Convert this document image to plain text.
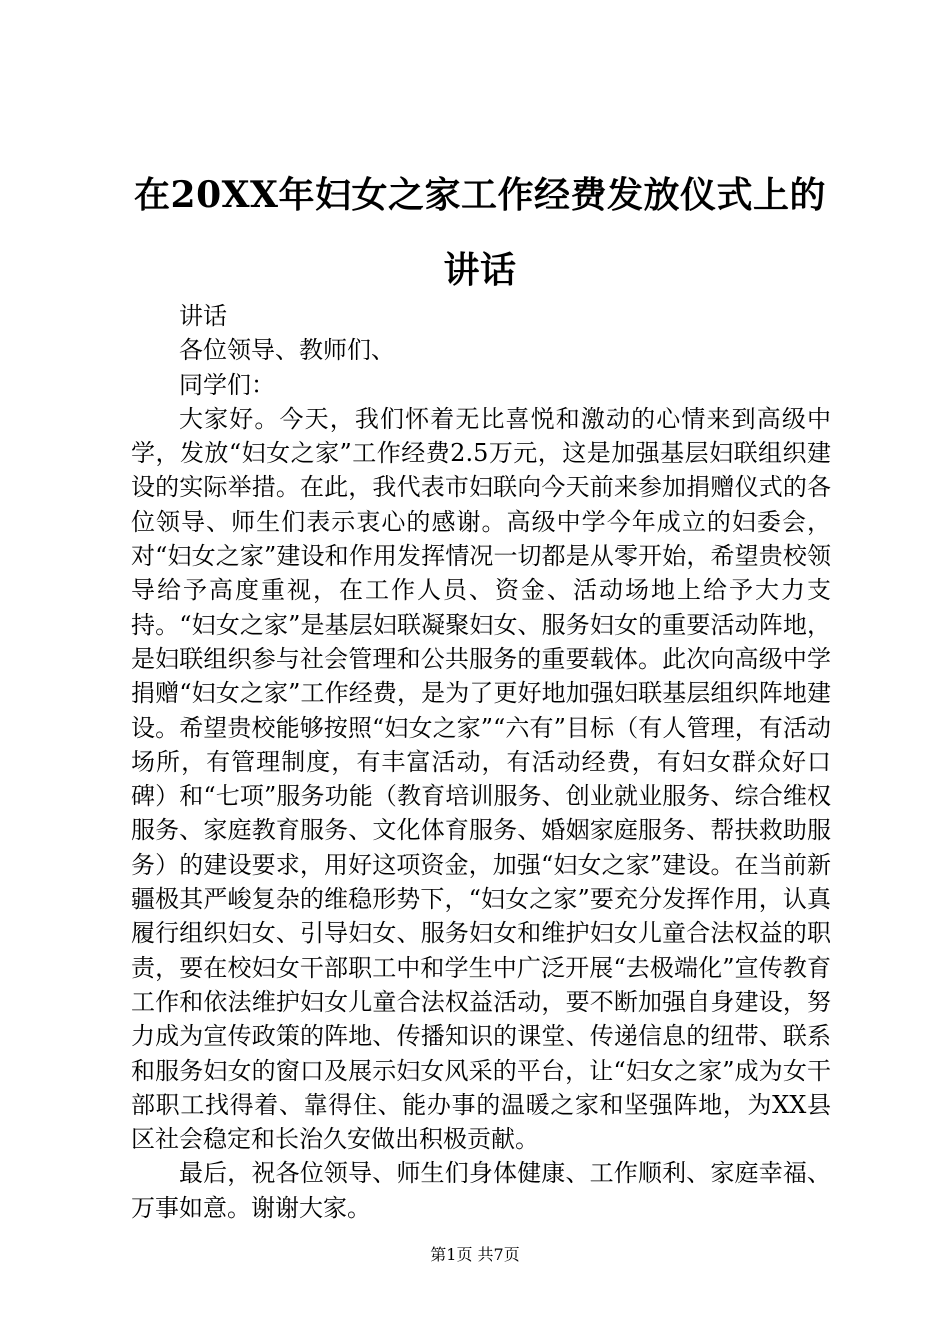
在20XX年妇女之家工作经费发放仪式上的讲话

讲话

各位领导、教师们、

同学们：

大家好。今天，我们怀着无比喜悦和激动的心情来到高级中学，发放“妇女之家”工作经费2.5万元，这是加强基层妇联组织建设的实际举措。在此，我代表市妇联向今天前来参加捐赠仪式的各位领导、师生们表示衷心的感谢。高级中学今年成立的妇委会，对“妇女之家”建设和作用发挥情况一切都是从零开始，希望贵校领导给予高度重视，在工作人员、资金、活动场地上给予大力支持。“妇女之家”是基层妇联凝聚妇女、服务妇女的重要活动阵地，是妇联组织参与社会管理和公共服务的重要载体。此次向高级中学捐赠“妇女之家”工作经费，是为了更好地加强妇联基层组织阵地建设。希望贵校能够按照“妇女之家”“六有”目标（有人管理，有活动场所，有管理制度，有丰富活动，有活动经费，有妇女群众好口碑）和“七项”服务功能（教育培训服务、创业就业服务、综合维权服务、家庭教育服务、文化体育服务、婚姻家庭服务、帮扶救助服务）的建设要求，用好这项资金，加强“妇女之家”建设。在当前新疆极其严峻复杂的维稳形势下，“妇女之家”要充分发挥作用，认真履行组织妇女、引导妇女、服务妇女和维护妇女儿童合法权益的职责，要在校妇女干部职工中和学生中广泛开展“去极端化”宣传教育工作和依法维护妇女儿童合法权益活动，要不断加强自身建设，努力成为宣传政策的阵地、传播知识的课堂、传递信息的纽带、联系和服务妇女的窗口及展示妇女风采的平台，让“妇女之家”成为女干部职工找得着、靠得住、能办事的温暖之家和坚强阵地，为XX县区社会稳定和长治久安做出积极贡献。

最后，祝各位领导、师生们身体健康、工作顺利、家庭幸福、万事如意。谢谢大家。

第1页 共7页
